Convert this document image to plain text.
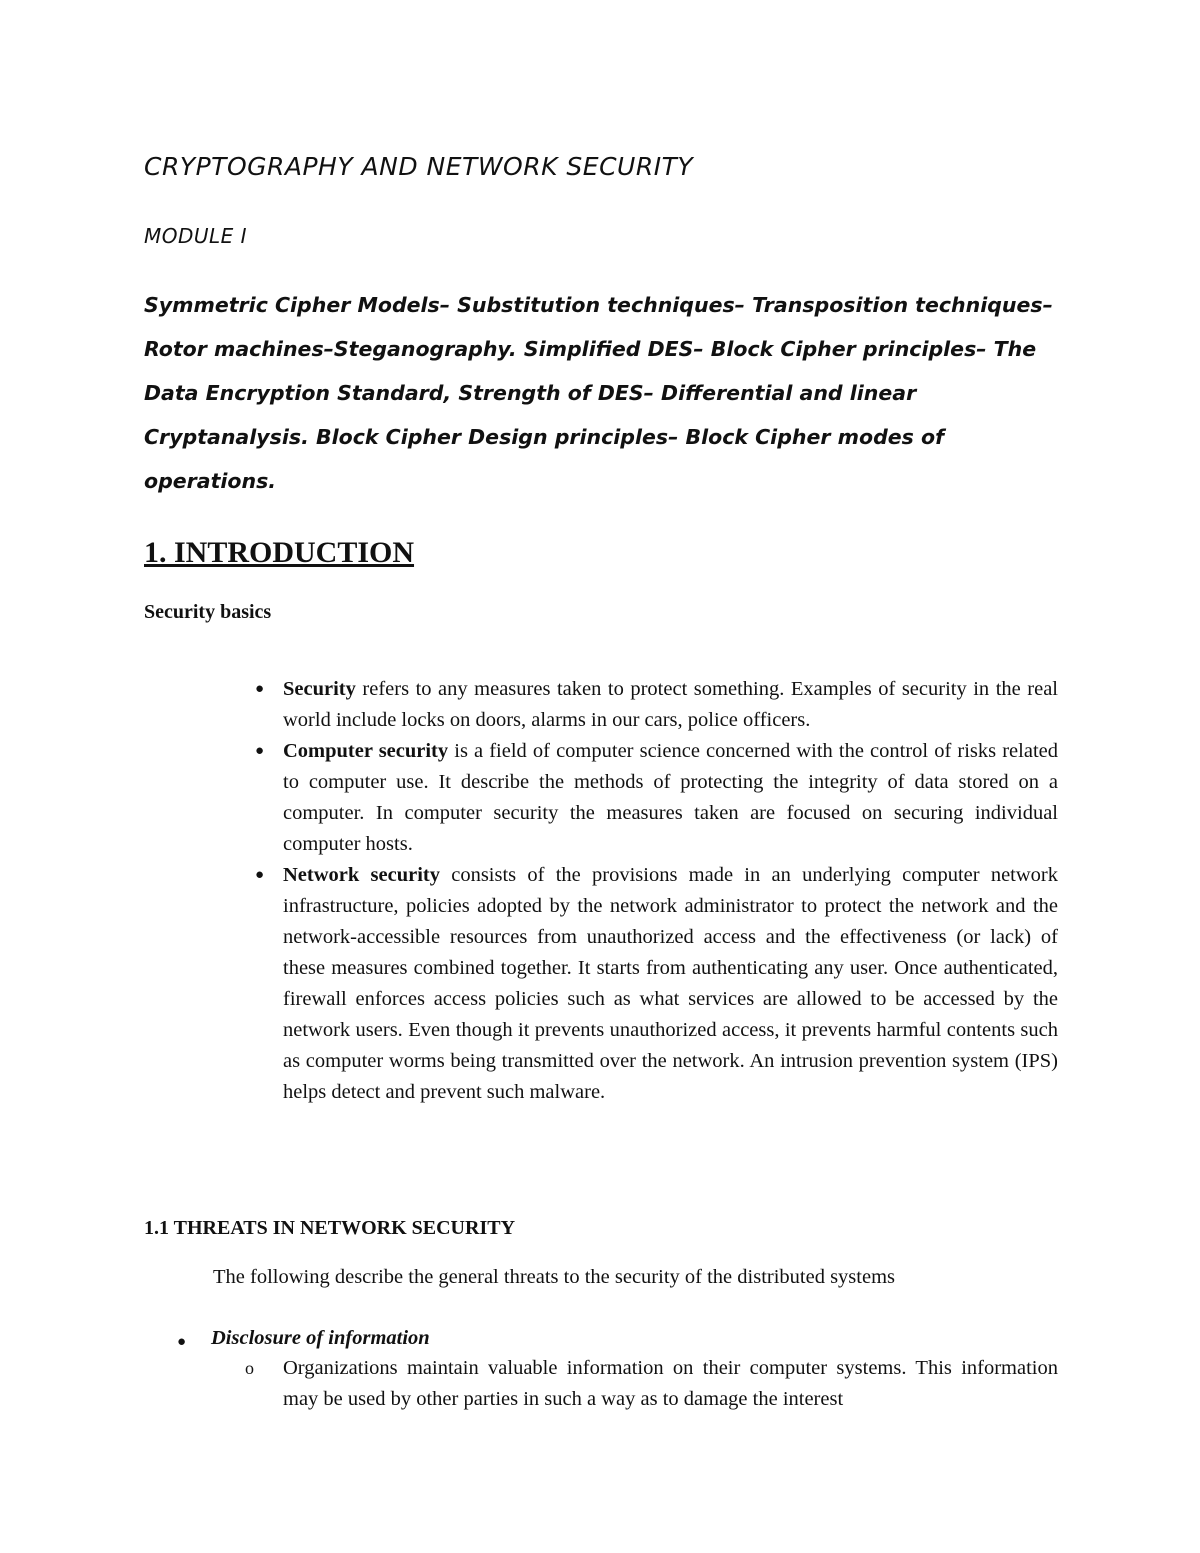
CRYPTOGRAPHY AND NETWORK SECURITY
MODULE I

Symmetric Cipher Models– Substitution techniques– Transposition techniques– Rotor machines–Steganography. Simplified DES– Block Cipher principles– The Data Encryption Standard, Strength of DES– Differential and linear Cryptanalysis. Block Cipher Design principles– Block Cipher modes of operations.

1. INTRODUCTION
Security basics
● Security refers to any measures taken to protect something. Examples of security in the real world include locks on doors, alarms in our cars, police officers.
● Computer security is a field of computer science concerned with the control of risks related to computer use. It describe the methods of protecting the integrity of data stored on a computer. In computer security the measures taken are focused on securing individual computer hosts.
● Network security consists of the provisions made in an underlying computer network infrastructure, policies adopted by the network administrator to protect the network and the network-accessible resources from unauthorized access and the effectiveness (or lack) of these measures combined together. It starts from authenticating any user. Once authenticated, firewall enforces access policies such as what services are allowed to be accessed by the network users. Even though it prevents unauthorized access, it prevents harmful contents such as computer worms being transmitted over the network. An intrusion prevention system (IPS) helps detect and prevent such malware.
1.1 THREATS IN NETWORK SECURITY

The following describe the general threats to the security of the distributed systems

● Disclosure of information

o Organizations maintain valuable information on their computer systems. This information may be used by other parties in such a way as to damage the interest
